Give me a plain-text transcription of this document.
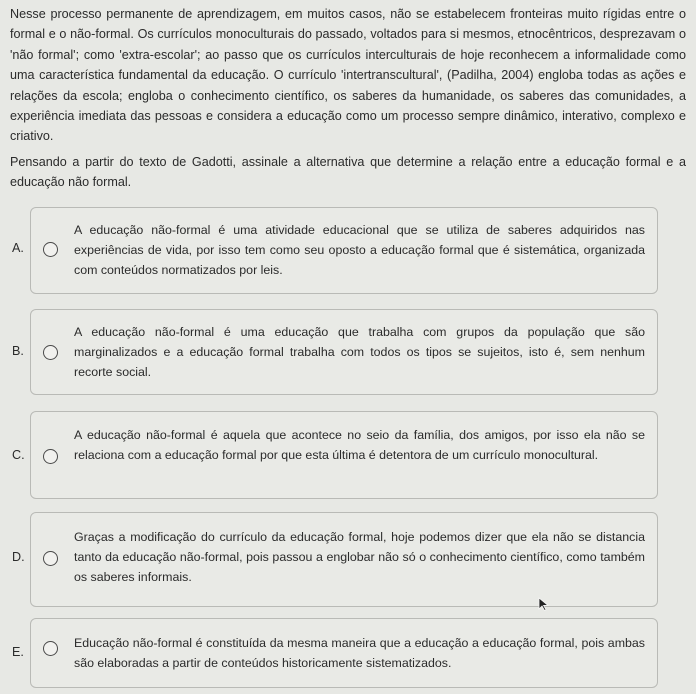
Nesse processo permanente de aprendizagem, em muitos casos, não se estabelecem fronteiras muito rígidas entre o formal e o não-formal. Os currículos monoculturais do passado, voltados para si mesmos, etnocêntricos, desprezavam o 'não formal'; como 'extra-escolar'; ao passo que os currículos interculturais de hoje reconhecem a informalidade como uma característica fundamental da educação. O currículo 'intertranscultural', (Padilha, 2004) engloba todas as ações e relações da escola; engloba o conhecimento científico, os saberes da humanidade, os saberes das comunidades, a experiência imediata das pessoas e considera a educação como um processo sempre dinâmico, interativo, complexo e criativo.

Pensando a partir do texto de Gadotti, assinale a alternativa que determine a relação entre a educação formal e a educação não formal.

A.

A educação não-formal é uma atividade educacional que se utiliza de saberes adquiridos nas experiências de vida, por isso tem como seu oposto a educação formal que é sistemática, organizada com conteúdos normatizados por leis.

B.

A educação não-formal é uma educação que trabalha com grupos da população que são marginalizados e a educação formal trabalha com todos os tipos se sujeitos, isto é, sem nenhum recorte social.

C.

A educação não-formal é aquela que acontece no seio da família, dos amigos, por isso ela não se relaciona com a educação formal por que esta última é detentora de um currículo monocultural.

D.

Graças a modificação do currículo da educação formal, hoje podemos dizer que ela não se distancia tanto da educação não-formal, pois passou a englobar não só o conhecimento científico, como também os saberes informais.

E.

Educação não-formal é constituída da mesma maneira que a educação a educação formal, pois ambas são elaboradas a partir de conteúdos historicamente sistematizados.
